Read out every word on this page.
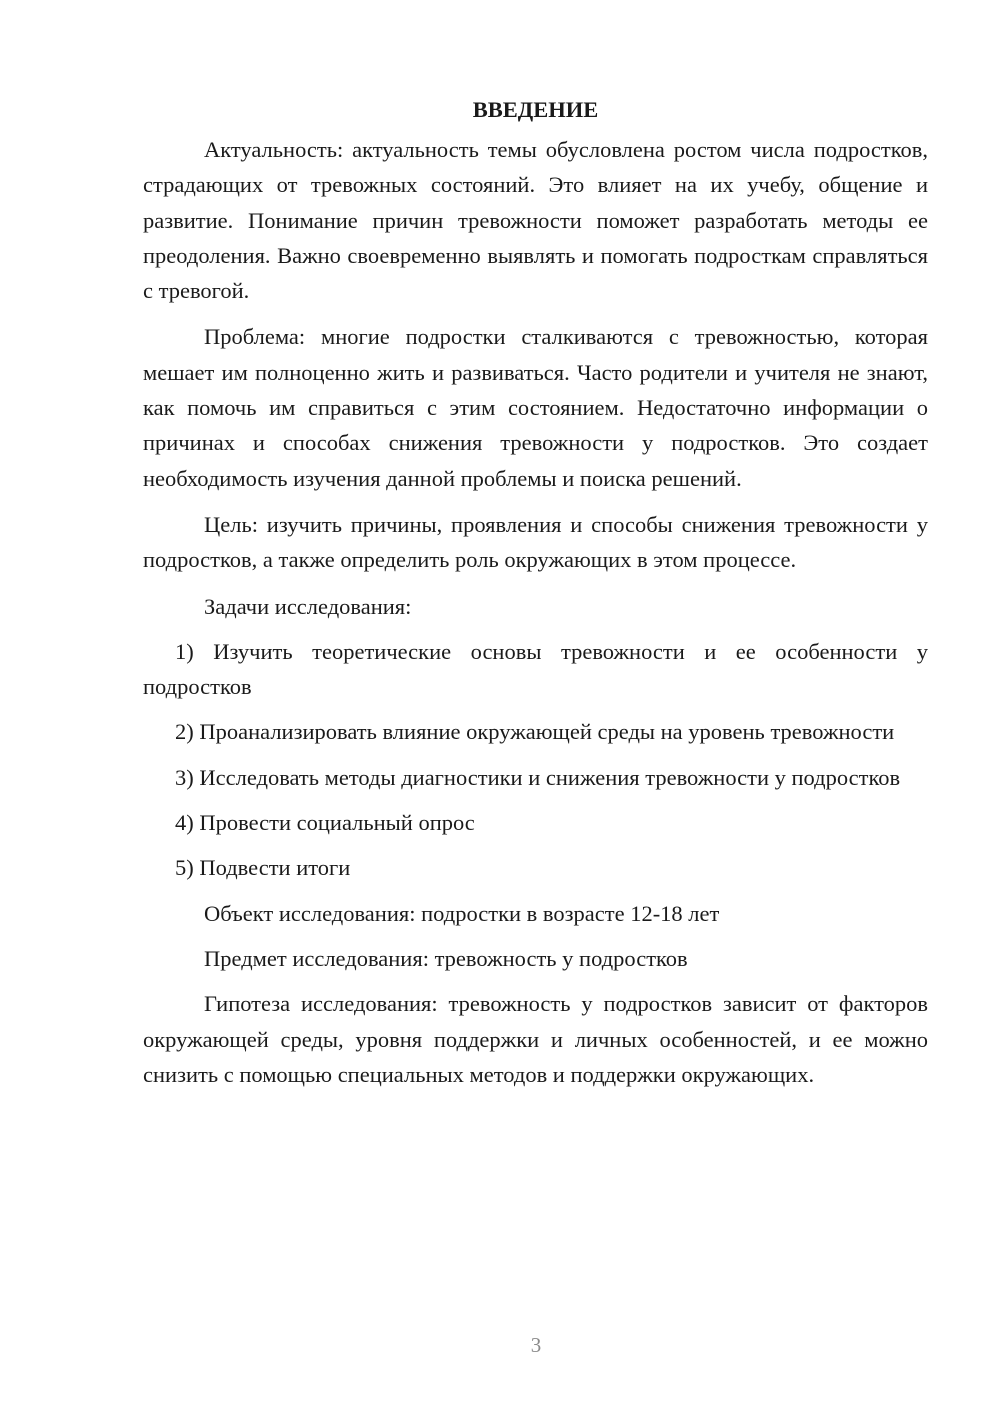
ВВЕДЕНИЕ

Актуальность: актуальность темы обусловлена ростом числа подростков, страдающих от тревожных состояний. Это влияет на их учебу, общение и развитие. Понимание причин тревожности поможет разработать методы ее преодоления. Важно своевременно выявлять и помогать подросткам справляться с тревогой.

Проблема: многие подростки сталкиваются с тревожностью, которая мешает им полноценно жить и развиваться. Часто родители и учителя не знают, как помочь им справиться с этим состоянием. Недостаточно информации о причинах и способах снижения тревожности у подростков. Это создает необходимость изучения данной проблемы и поиска решений.

Цель: изучить причины, проявления и способы снижения тревожности у подростков, а также определить роль окружающих в этом процессе.

Задачи исследования:

1) Изучить теоретические основы тревожности и ее особенности у подростков

2) Проанализировать влияние окружающей среды на уровень тревожности

3) Исследовать методы диагностики и снижения тревожности у подростков

4) Провести социальный опрос

5) Подвести итоги

Объект исследования: подростки в возрасте 12-18 лет

Предмет исследования: тревожность у подростков

Гипотеза исследования: тревожность у подростков зависит от факторов окружающей среды, уровня поддержки и личных особенностей, и ее можно снизить с помощью специальных методов и поддержки окружающих.

3
